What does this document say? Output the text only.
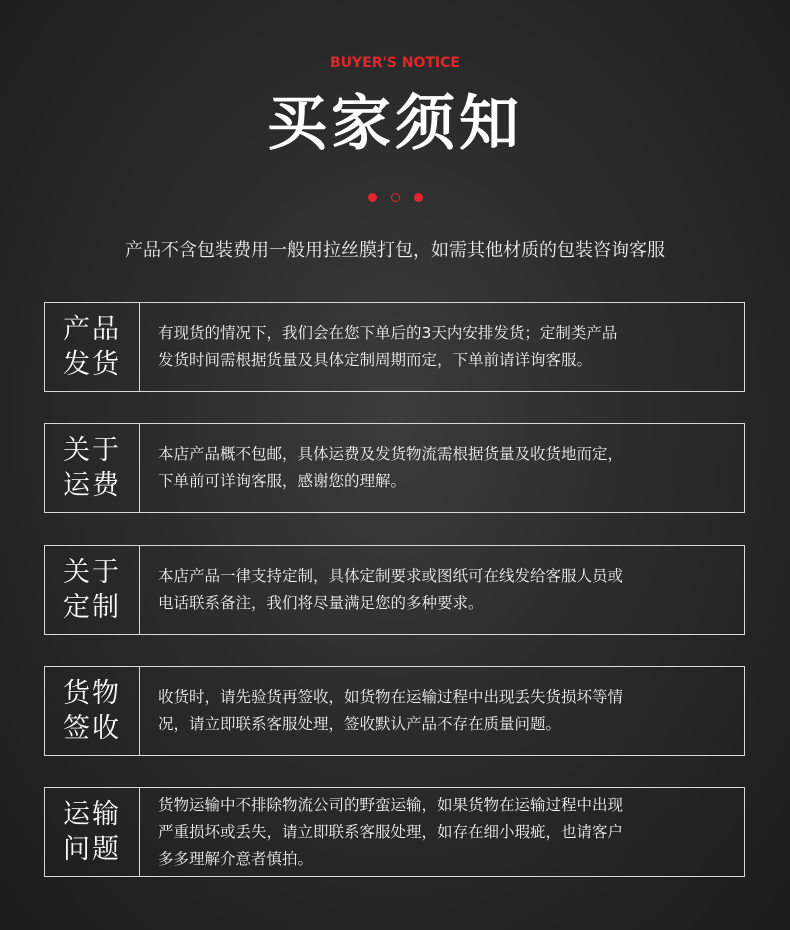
BUYER'S NOTICE
买家须知
产品不含包装费用一般用拉丝膜打包，如需其他材质的包装咨询客服
产品
发货
有现货的情况下，我们会在您下单后的3天内安排发货；定制类产品
发货时间需根据货量及具体定制周期而定，下单前请详询客服。
关于
运费
本店产品概不包邮，具体运费及发货物流需根据货量及收货地而定，
下单前可详询客服，感谢您的理解。
关于
定制
本店产品一律支持定制，具体定制要求或图纸可在线发给客服人员或
电话联系备注，我们将尽量满足您的多种要求。
货物
签收
收货时，请先验货再签收，如货物在运输过程中出现丢失货损坏等情
况，请立即联系客服处理，签收默认产品不存在质量问题。
运输
问题
货物运输中不排除物流公司的野蛮运输，如果货物在运输过程中出现
严重损坏或丢失，请立即联系客服处理，如存在细小瑕疵，也请客户
多多理解介意者慎拍。
